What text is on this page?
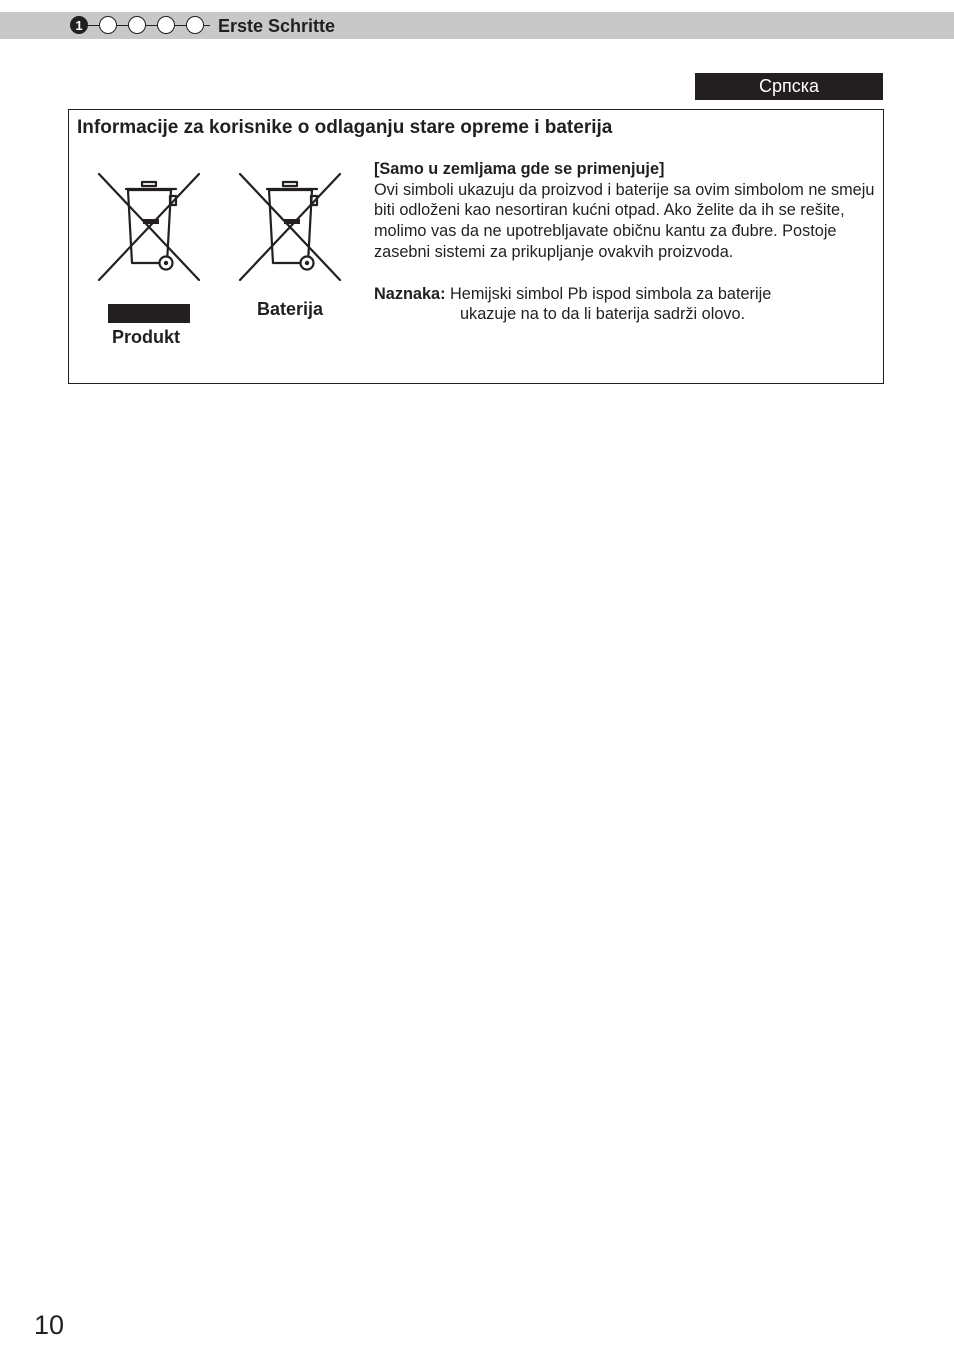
1	Erste Schritte
Српска
Informacije za korisnike o odlaganju stare opreme i baterija
Produkt
Baterija

[Samo u zemljama gde se primenjuje]

Ovi simboli ukazuju da proizvod i baterije sa ovim simbolom ne smeju biti odloženi kao nesortiran kućni otpad. Ako želite da ih se rešite, molimo vas da ne upotrebljavate običnu kantu za đubre. Postoje zasebni sistemi za prikupljanje ovakvih proizvoda.

Naznaka: Hemijski simbol Pb ispod simbola za baterije
ukazuje na to da li baterija sadrži olovo.

10
